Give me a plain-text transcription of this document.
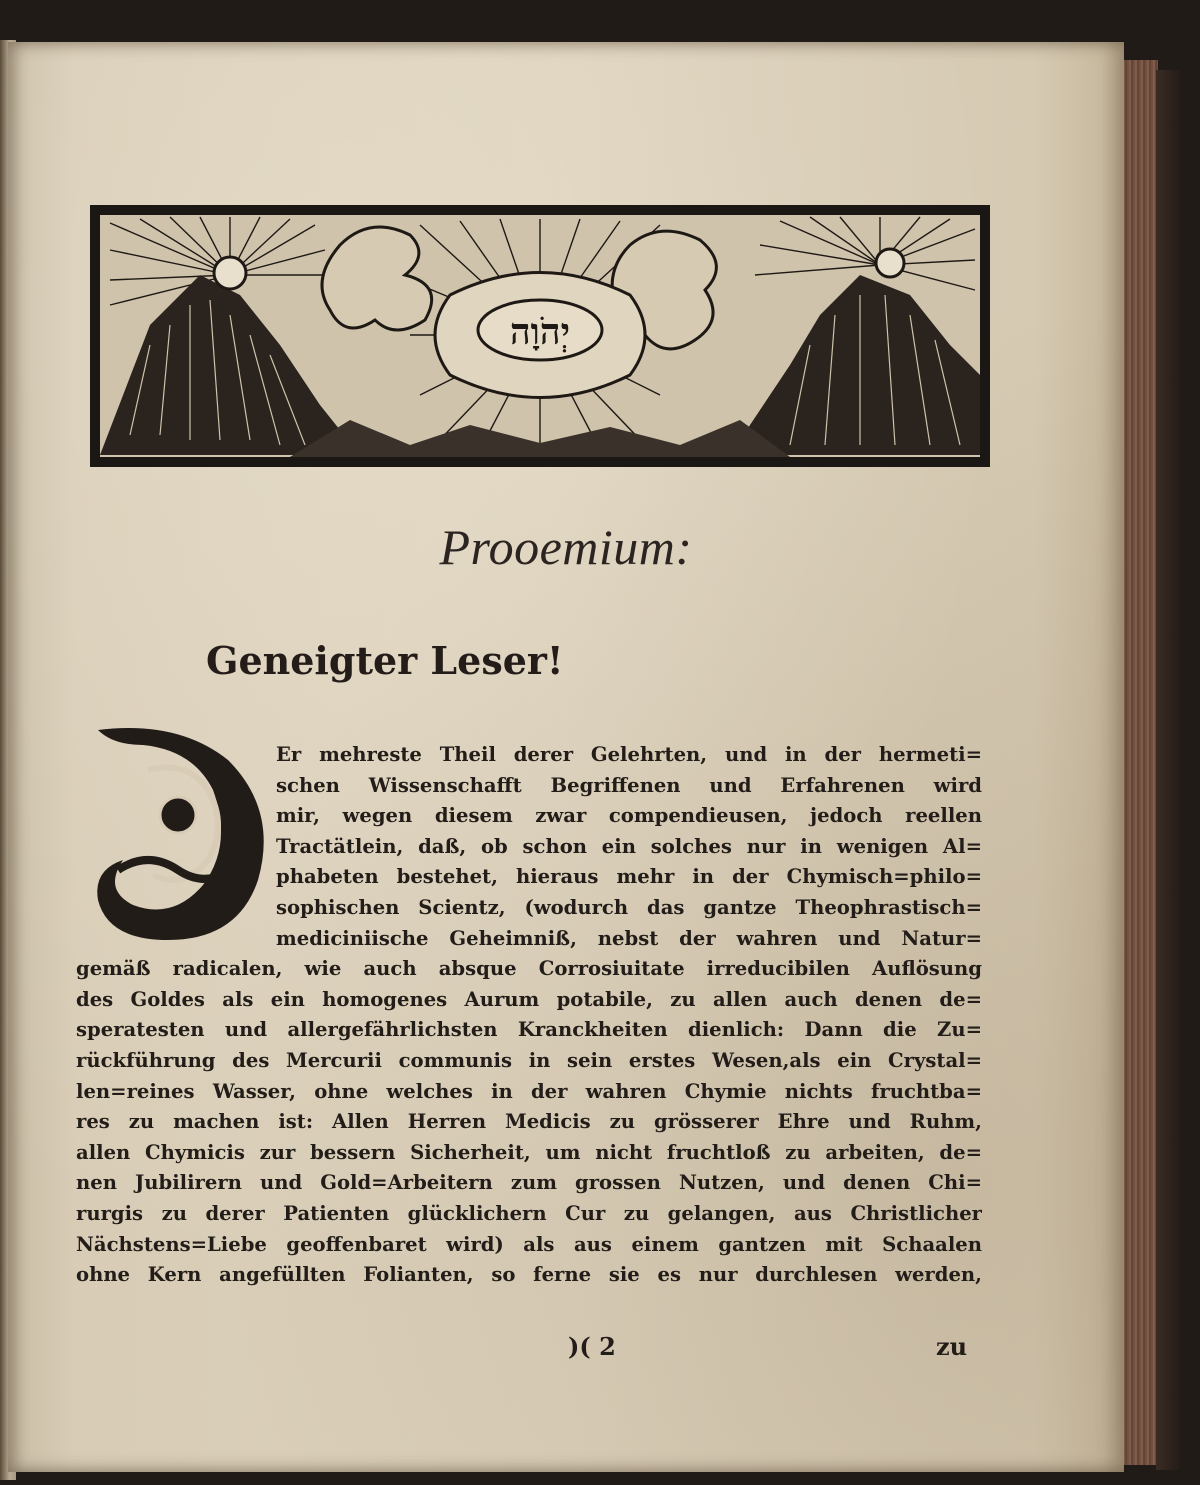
יְהֹוָה
Prooemium:
Geneigter Leser!
D
Er mehreste Theil derer Gelehrten, und in der hermeti=
schen Wissenschafft Begriffenen und Erfahrenen wird
mir, wegen diesem zwar compendieusen, jedoch reellen
Tractätlein, daß, ob schon ein solches nur in wenigen Al=
phabeten bestehet, hieraus mehr in der Chymisch=philo=
sophischen Scientz, (wodurch das gantze Theophrastisch=
mediciniische Geheimniß, nebst der wahren und Natur=
gemäß radicalen, wie auch absque Corrosiuitate irreducibilen Auflösung
des Goldes als ein homogenes Aurum potabile, zu allen auch denen de=
speratesten und allergefährlichsten Kranckheiten dienlich: Dann die Zu=
rückführung des Mercurii communis in sein erstes Wesen,als ein Crystal=
len=reines Wasser, ohne welches in der wahren Chymie nichts fruchtba=
res zu machen ist: Allen Herren Medicis zu grösserer Ehre und Ruhm,
allen Chymicis zur bessern Sicherheit, um nicht fruchtloß zu arbeiten, de=
nen Jubilirern und Gold=Arbeitern zum grossen Nutzen, und denen Chi=
rurgis zu derer Patienten glücklichern Cur zu gelangen, aus Christlicher
Nächstens=Liebe geoffenbaret wird) als aus einem gantzen mit Schaalen
ohne Kern angefüllten Folianten, so ferne sie es nur durchlesen werden,
)( 2	zu
